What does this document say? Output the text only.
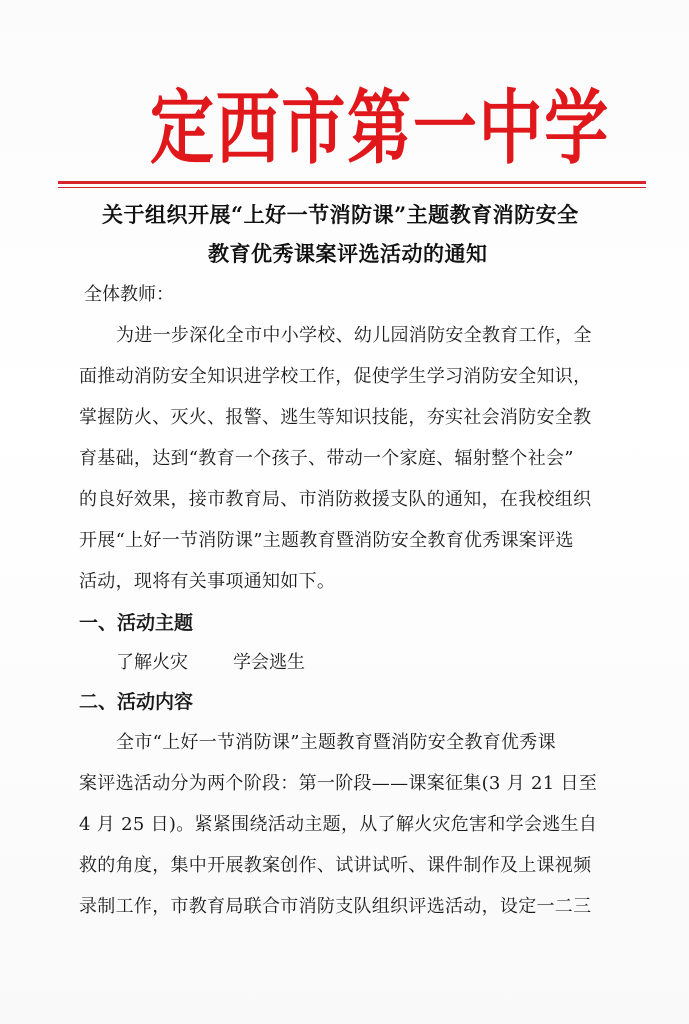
定西市第一中学
关于组织开展“上好一节消防课”主题教育消防安全
教育优秀课案评选活动的通知
全体教师：
为进一步深化全市中小学校、幼儿园消防安全教育工作，全
面推动消防安全知识进学校工作，促使学生学习消防安全知识，
掌握防火、灭火、报警、逃生等知识技能，夯实社会消防安全教
育基础，达到“教育一个孩子、带动一个家庭、辐射整个社会”
的良好效果，接市教育局、市消防救援支队的通知，在我校组织
开展“上好一节消防课”主题教育暨消防安全教育优秀课案评选
活动，现将有关事项通知如下。
一、活动主题
了解火灾	学会逃生
二、活动内容
全市“上好一节消防课”主题教育暨消防安全教育优秀课
案评选活动分为两个阶段：第一阶段——课案征集(3 月 21 日至
4 月 25 日)。紧紧围绕活动主题，从了解火灾危害和学会逃生自
救的角度，集中开展教案创作、试讲试听、课件制作及上课视频
录制工作，市教育局联合市消防支队组织评选活动，设定一二三
